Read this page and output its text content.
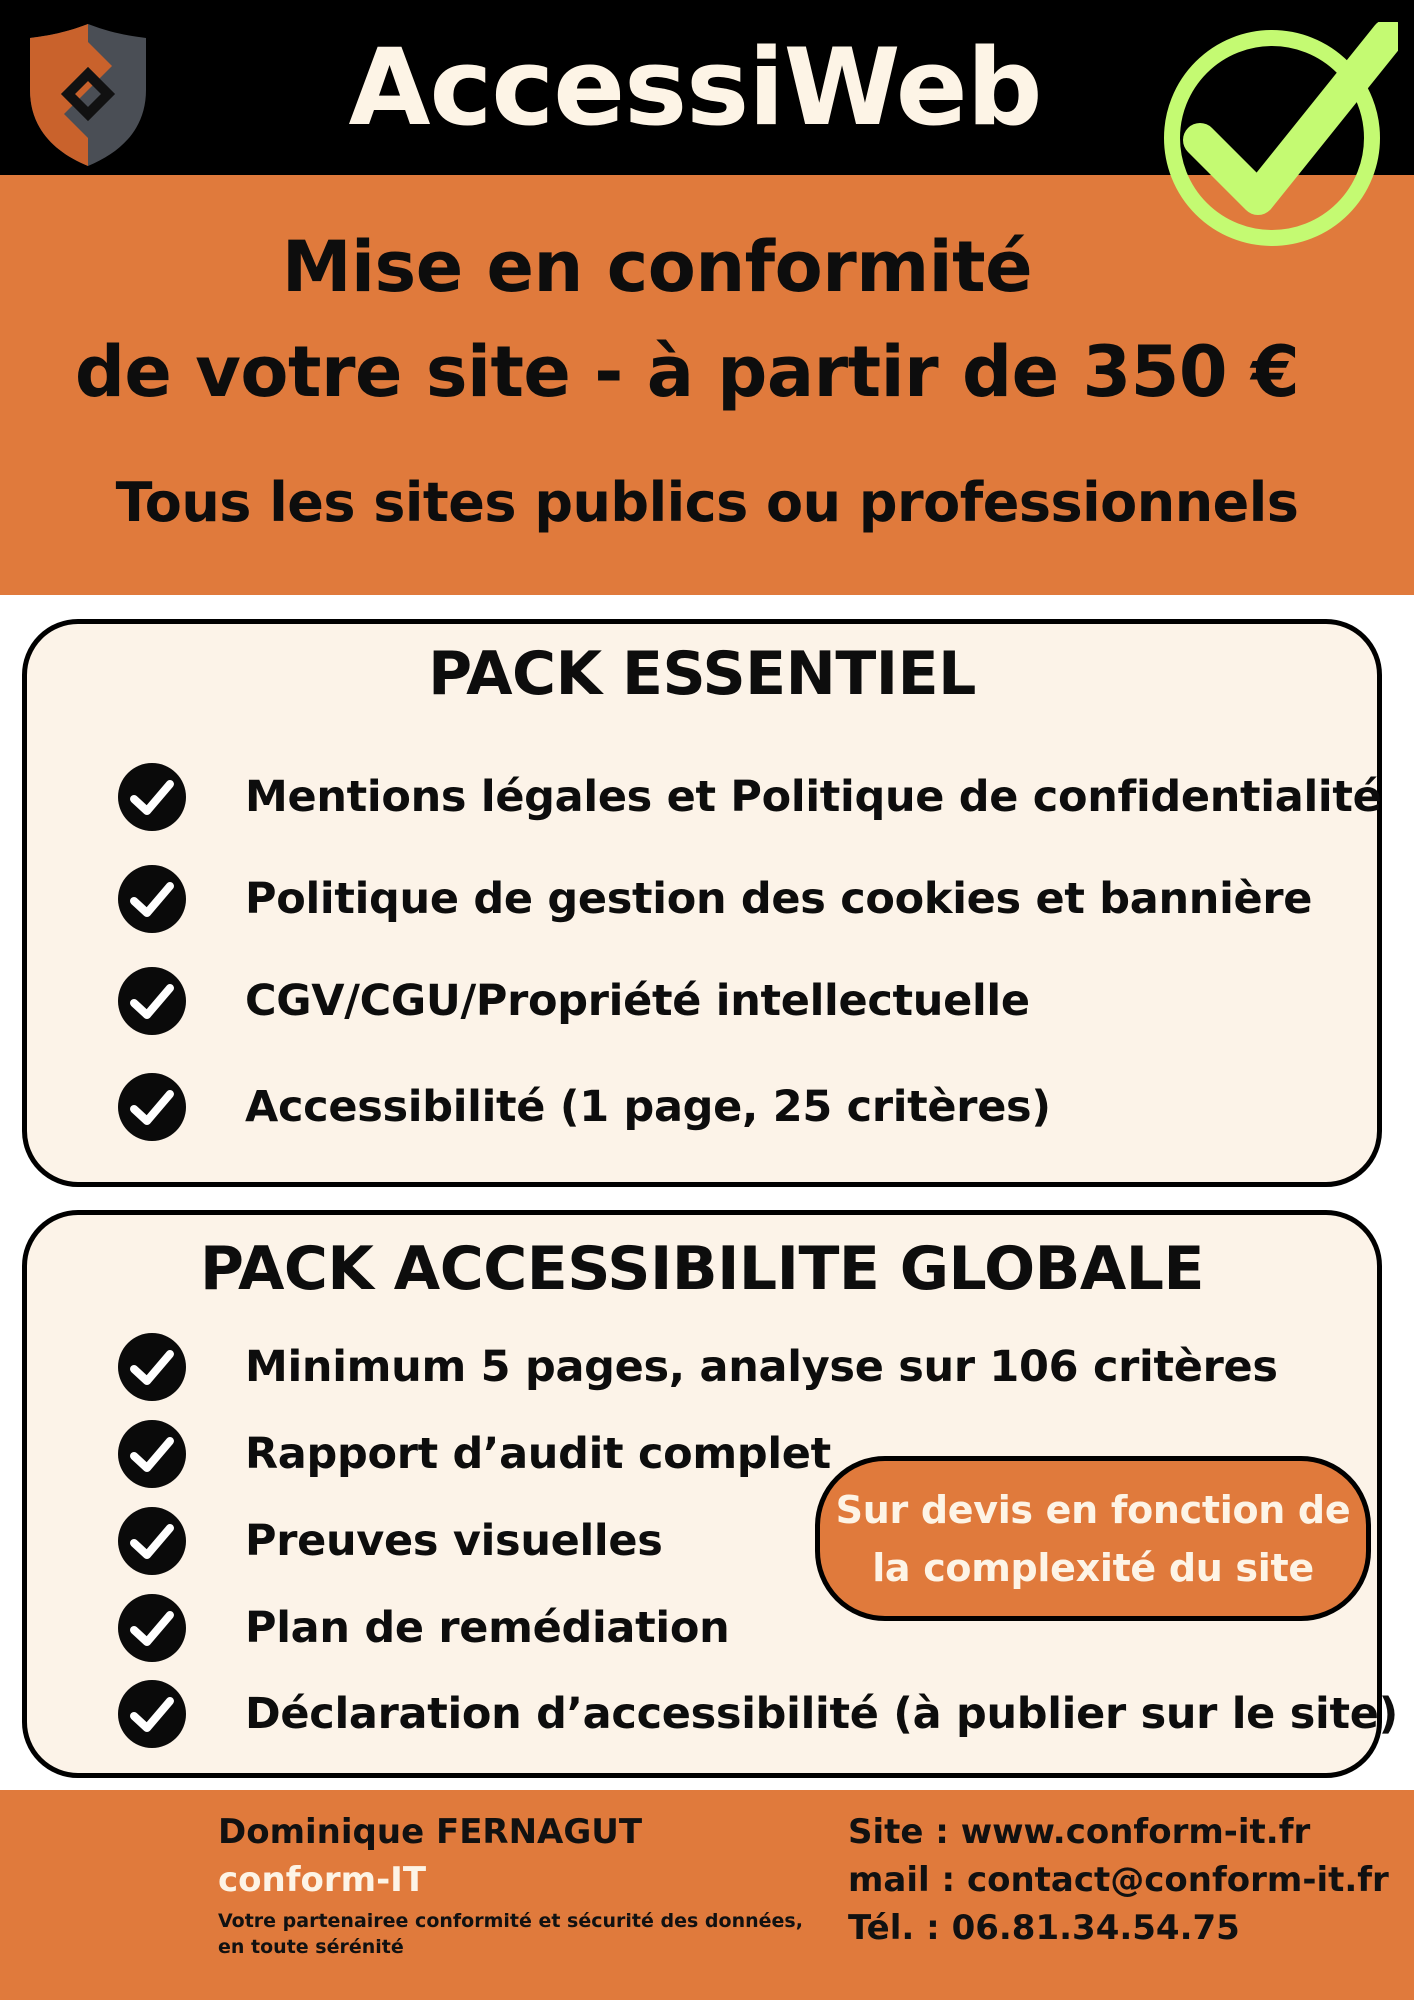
AccessiWeb
Mise en conformité
de votre site - à partir de 350 €
Tous les sites publics ou professionnels
PACK ESSENTIEL
Mentions légales et Politique de confidentialité
Politique de gestion des cookies et bannière
CGV/CGU/Propriété intellectuelle
Accessibilité (1 page, 25 critères)
PACK ACCESSIBILITE GLOBALE
Minimum 5 pages, analyse sur 106 critères
Rapport d’audit complet
Preuves visuelles
Plan de remédiation
Déclaration d’accessibilité (à publier sur le site)
Sur devis en fonction de
la complexité du site
Dominique FERNAGUT
conform-IT
Votre partenairee conformité et sécurité des données,
en toute sérénité
Site : www.conform-it.fr
mail : contact@conform-it.fr
Tél. : 06.81.34.54.75
